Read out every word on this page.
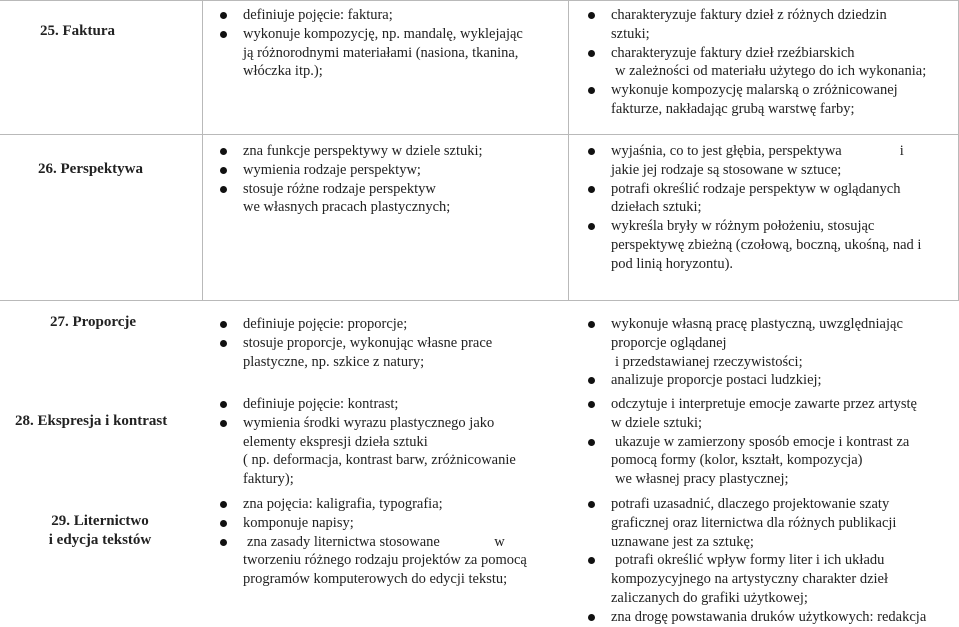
25. Faktura
definiuje pojęcie: faktura;
wykonuje kompozycję, np. mandalę, wyklejając
ją różnorodnymi materiałami (nasiona, tkanina,
włóczka itp.);
charakteryzuje faktury dzieł z różnych dziedzin
sztuki;
charakteryzuje faktury dzieł rzeźbiarskich
w zależności od materiału użytego do ich wykonania;
wykonuje kompozycję malarską o zróżnicowanej
fakturze, nakładając grubą warstwę farby;
26. Perspektywa
zna funkcje perspektywy w dziele sztuki;
wymienia rodzaje perspektyw;
stosuje różne rodzaje perspektyw
we własnych pracach plastycznych;
wyjaśnia, co to jest głębia, perspektywa                i
jakie jej rodzaje są stosowane w sztuce;
potrafi określić rodzaje perspektyw w oglądanych
dziełach sztuki;
wykreśla bryły w różnym położeniu, stosując
perspektywę zbieżną (czołową, boczną, ukośną, nad i
pod linią horyzontu).
27. Proporcje	definiuje pojęcie: proporcje;
stosuje proporcje, wykonując własne prace
plastyczne, np. szkice z natury;
wykonuje własną pracę plastyczną, uwzględniając
proporcje oglądanej
i przedstawianej rzeczywistości;
analizuje proporcje postaci ludzkiej;
28. Ekspresja i kontrast
definiuje pojęcie: kontrast;
wymienia środki wyrazu plastycznego jako
elementy ekspresji dzieła sztuki
( np. deformacja, kontrast barw, zróżnicowanie
faktury);
odczytuje i interpretuje emocje zawarte przez artystę
w dziele sztuki;
ukazuje w zamierzony sposób emocje i kontrast za
pomocą formy (kolor, kształt, kompozycja)
we własnej pracy plastycznej;
29. Liternictwo
i edycja tekstów
zna pojęcia: kaligrafia, typografia;
komponuje napisy;
zna zasady liternictwa stosowane               w
tworzeniu różnego rodzaju projektów za pomocą
programów komputerowych do edycji tekstu;
potrafi uzasadnić, dlaczego projektowanie szaty
graficznej oraz liternictwa dla różnych publikacji
uznawane jest za sztukę;
potrafi określić wpływ formy liter i ich układu
kompozycyjnego na artystyczny charakter dzieł
zaliczanych do grafiki użytkowej;
zna drogę powstawania druków użytkowych: redakcja
